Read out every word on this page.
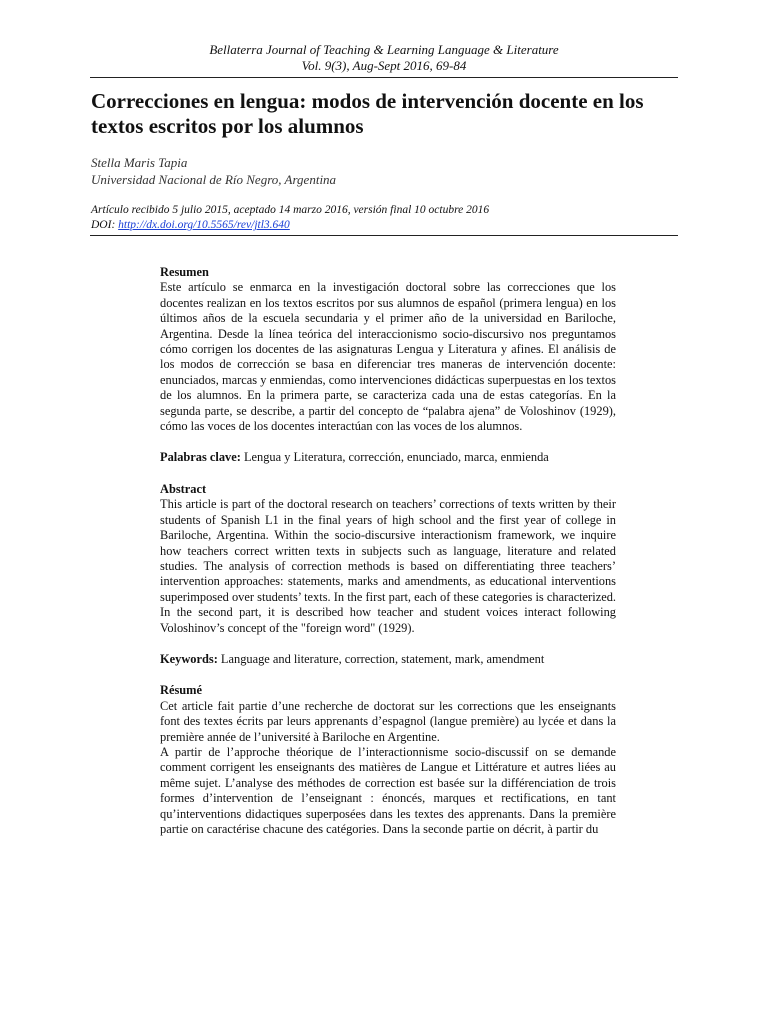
Bellaterra Journal of Teaching & Learning Language & Literature
Vol. 9(3), Aug-Sept 2016, 69-84
Correcciones en lengua: modos de intervención docente en los textos escritos por los alumnos
Stella Maris Tapia
Universidad Nacional de Río Negro, Argentina
Artículo recibido 5 julio 2015, aceptado 14 marzo 2016, versión final 10 octubre 2016
DOI: http://dx.doi.org/10.5565/rev/jtl3.640
Resumen

Este artículo se enmarca en la investigación doctoral sobre las correcciones que los docentes realizan en los textos escritos por sus alumnos de español (primera lengua) en los últimos años de la escuela secundaria y el primer año de la universidad en Bariloche, Argentina. Desde la línea teórica del interaccionismo socio-discursivo nos preguntamos cómo corrigen los docentes de las asignaturas Lengua y Literatura y afines. El análisis de los modos de corrección se basa en diferenciar tres maneras de intervención docente: enunciados, marcas y enmiendas, como intervenciones didácticas superpuestas en los textos de los alumnos. En la primera parte, se caracteriza cada una de estas categorías. En la segunda parte, se describe, a partir del concepto de “palabra ajena” de Voloshinov (1929), cómo las voces de los docentes interactúan con las voces de los alumnos.

Palabras clave: Lengua y Literatura, corrección, enunciado, marca, enmienda

Abstract

This article is part of the doctoral research on teachers’ corrections of texts written by their students of Spanish L1 in the final years of high school and the first year of college in Bariloche, Argentina. Within the socio-discursive interactionism framework, we inquire how teachers correct written texts in subjects such as language, literature and related studies. The analysis of correction methods is based on differentiating three teachers’ intervention approaches: statements, marks and amendments, as educational interventions superimposed over students’ texts. In the first part, each of these categories is characterized. In the second part, it is described how teacher and student voices interact following Voloshinov’s concept of the "foreign word" (1929).

Keywords: Language and literature, correction, statement, mark, amendment

Résumé

Cet article fait partie d’une recherche de doctorat sur les corrections que les enseignants font des textes écrits par leurs apprenants d’espagnol (langue première) au lycée et dans la première année de l’université à Bariloche en Argentine.

A partir de l’approche théorique de l’interactionnisme socio-discussif on se demande comment corrigent les enseignants des matières de Langue et Littérature et autres liées au même sujet. L’analyse des méthodes de correction est basée sur la différenciation de trois formes d’intervention de l’enseignant : énoncés, marques et rectifications, en tant qu’interventions didactiques superposées dans les textes des apprenants. Dans la première partie on caractérise chacune des catégories. Dans la seconde partie on décrit, à partir du
